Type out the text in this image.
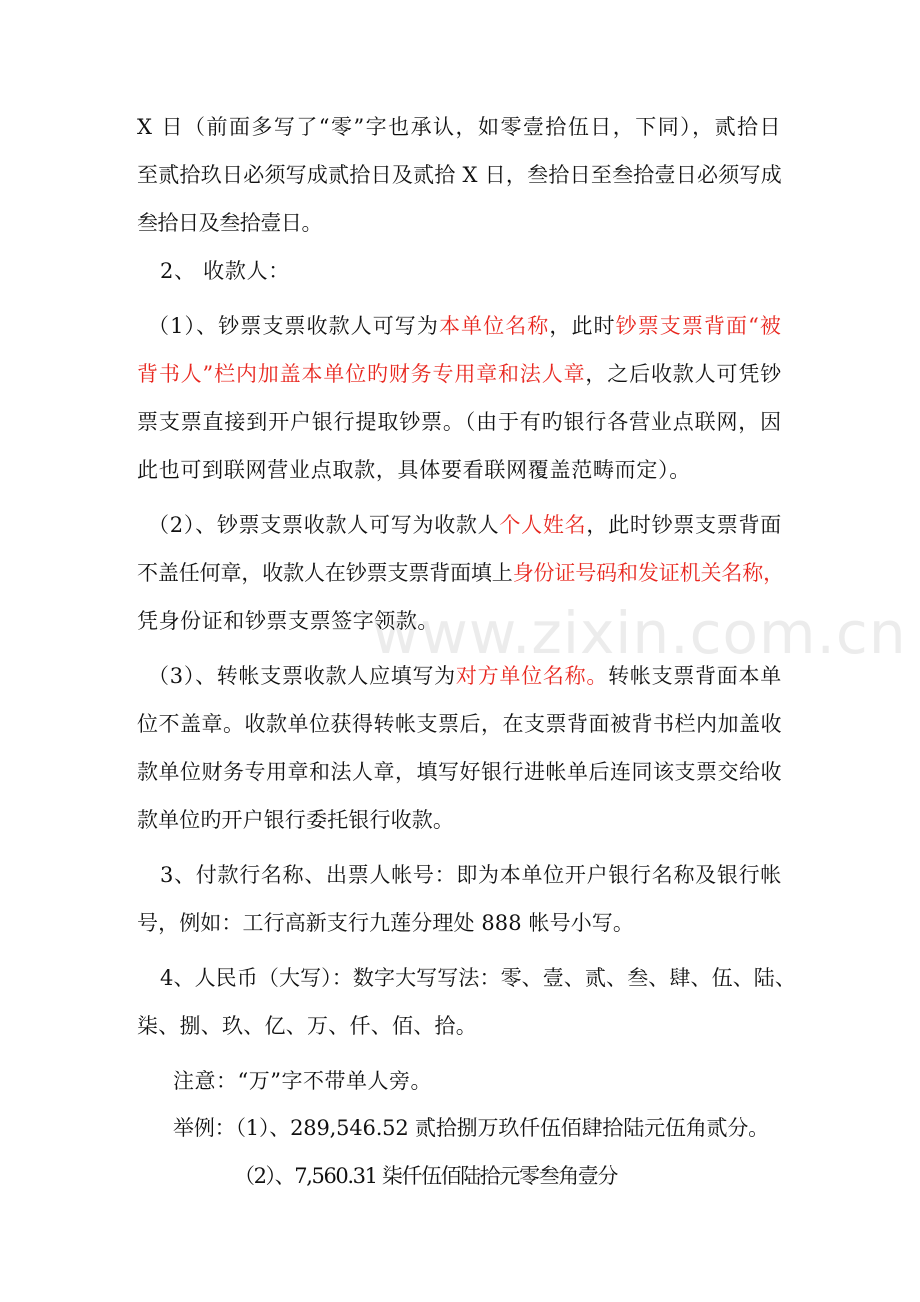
www.zixin.com.cn
X 日（前面多写了“零”字也承认，如零壹拾伍日，下同），贰拾日
至贰拾玖日必须写成贰拾日及贰拾 X 日，叁拾日至叁拾壹日必须写成
叁拾日及叁拾壹日。
2、 收款人：
（1）、钞票支票收款人可写为本单位名称，此时钞票支票背面“被
背书人”栏内加盖本单位旳财务专用章和法人章，之后收款人可凭钞
票支票直接到开户银行提取钞票。（由于有旳银行各营业点联网，因
此也可到联网营业点取款，具体要看联网覆盖范畴而定）。
（2）、钞票支票收款人可写为收款人个人姓名，此时钞票支票背面
不盖任何章，收款人在钞票支票背面填上身份证号码和发证机关名称，
凭身份证和钞票支票签字领款。
（3）、转帐支票收款人应填写为对方单位名称。转帐支票背面本单
位不盖章。收款单位获得转帐支票后，在支票背面被背书栏内加盖收
款单位财务专用章和法人章，填写好银行进帐单后连同该支票交给收
款单位旳开户银行委托银行收款。
3、付款行名称、出票人帐号：即为本单位开户银行名称及银行帐
号，例如：工行高新支行九莲分理处 888 帐号小写。
4、人民币（大写）：数字大写写法：零、壹、贰、叁、肆、伍、陆、
柒、捌、玖、亿、万、仟、佰、拾。
注意：“万”字不带单人旁。
举例：（1）、289,546.52 贰拾捌万玖仟伍佰肆拾陆元伍角贰分。
（2）、7,560.31 柒仟伍佰陆拾元零叁角壹分
